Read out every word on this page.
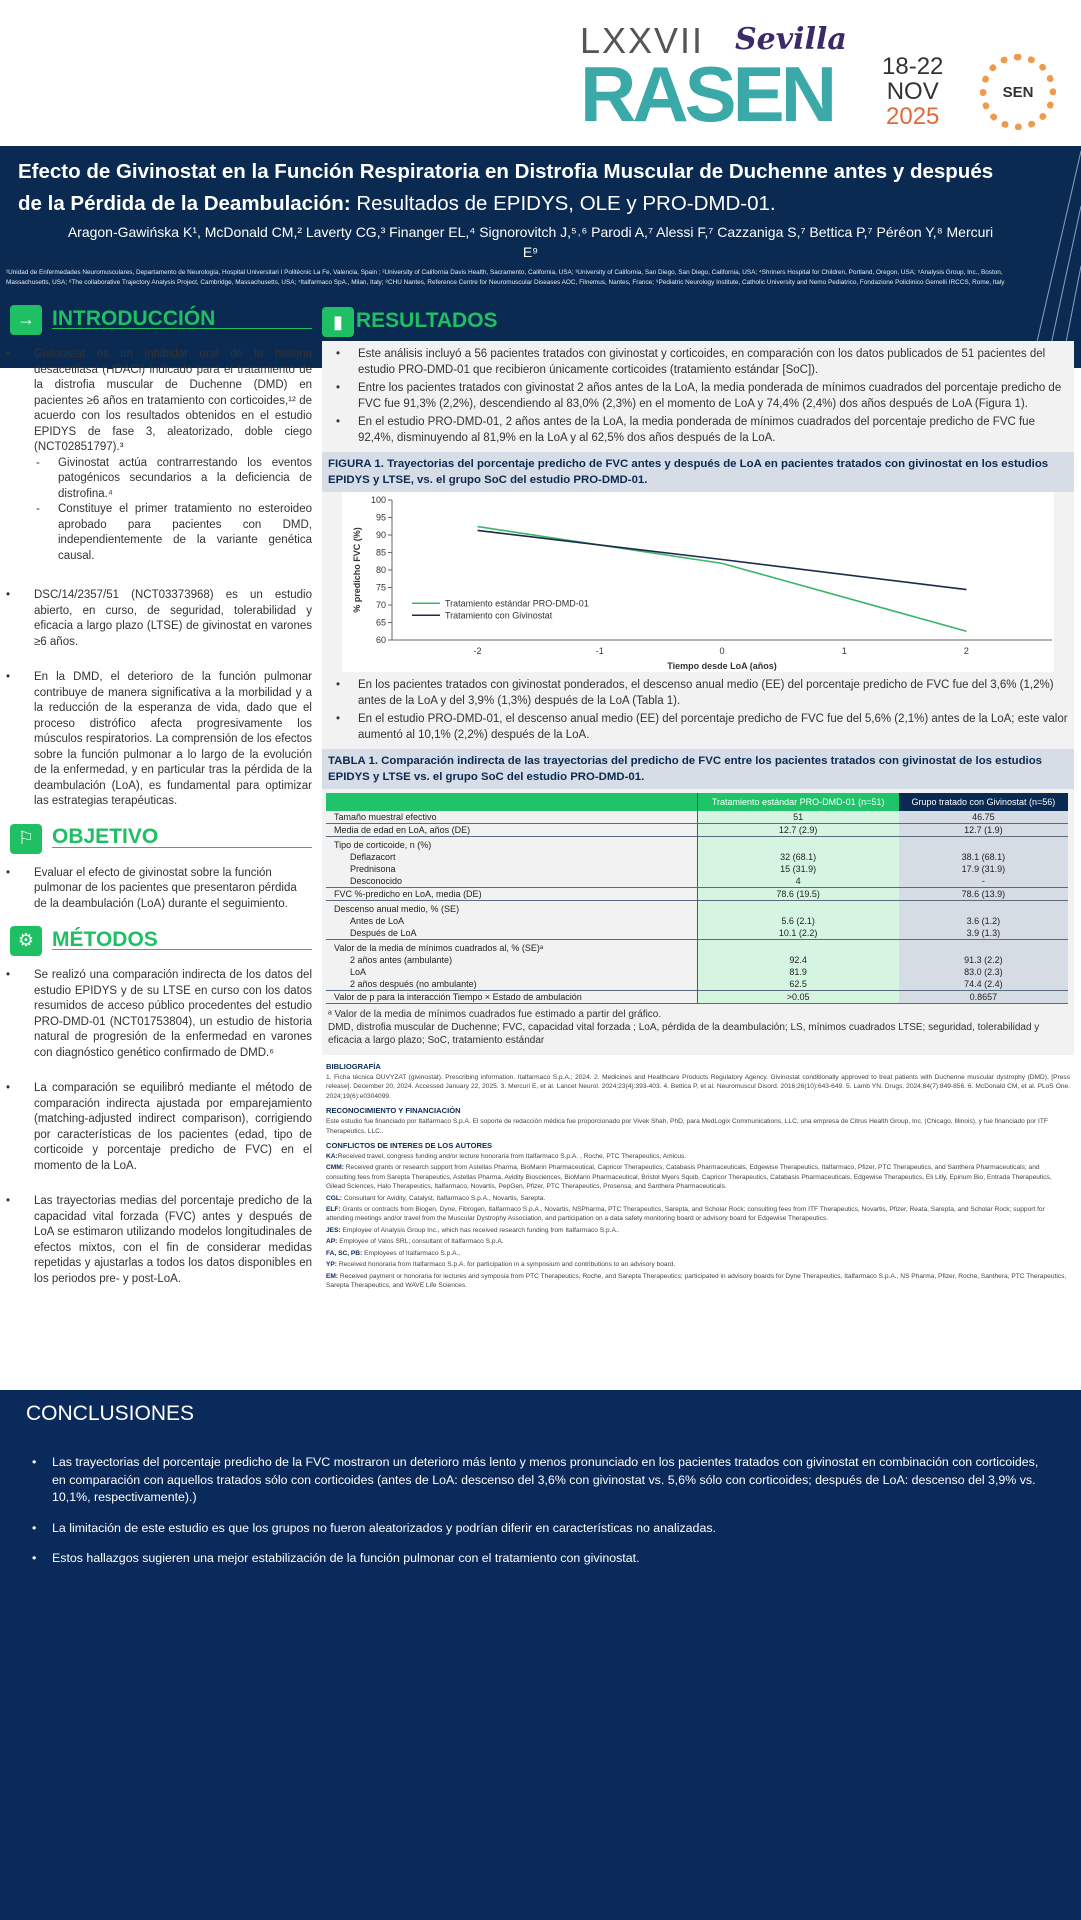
LXXVII Sevilla
RASEN 18-22
NOV
2025
SEN
Efecto de Givinostat en la Función Respiratoria en Distrofia Muscular de Duchenne antes y después de la Pérdida de la Deambulación: Resultados de EPIDYS, OLE y PRO-DMD-01.
Aragon-Gawińska K¹, McDonald CM,² Laverty CG,³ Finanger EL,⁴ Signorovitch J,⁵˒⁶ Parodi A,⁷ Alessi F,⁷ Cazzaniga S,⁷ Bettica P,⁷ Péréon Y,⁸ Mercuri E⁹
¹Unidad de Enfermedades Neuromusculares, Departamento de Neurología, Hospital Universitari I Politècnic La Fe, Valencia, Spain ; ²University of California Davis Health, Sacramento, California, USA; ³University of California, San Diego, San Diego, California, USA; ⁴Shriners Hospital for Children, Portland, Oregon, USA; ⁵Analysis Group, Inc., Boston, Massachusetts, USA; ⁶The collaborative Trajectory Analysis Project, Cambridge, Massachusetts, USA; ⁷Italfarmaco SpA., Milan, Italy; ⁸CHU Nantes, Reference Centre for Neuromuscular Diseases AOC, Filnemus, Nantes, France; ⁹Pediatric Neurology Institute, Catholic University and Nemo Pediatrico, Fondazione Policlinico Gemelli IRCCS, Rome, Italy
→ INTRODUCCIÓN
• Givinostat es un inhibidor oral de la histona desacetilasa (HDACi) indicado para el tratamiento de la distrofia muscular de Duchenne (DMD) en pacientes ≥6 años en tratamiento con corticoides,¹² de acuerdo con los resultados obtenidos en el estudio EPIDYS de fase 3, aleatorizado, doble ciego (NCT02851797).³
- Givinostat actúa contrarrestando los eventos patogénicos secundarios a la deficiencia de distrofina.⁴
- Constituye el primer tratamiento no esteroideo aprobado para pacientes con DMD, independientemente de la variante genética causal.
• DSC/14/2357/51 (NCT03373968) es un estudio abierto, en curso, de seguridad, tolerabilidad y eficacia a largo plazo (LTSE) de givinostat en varones ≥6 años.
• En la DMD, el deterioro de la función pulmonar contribuye de manera significativa a la morbilidad y a la reducción de la esperanza de vida, dado que el proceso distrófico afecta progresivamente los músculos respiratorios. La comprensión de los efectos sobre la función pulmonar a lo largo de la evolución de la enfermedad, y en particular tras la pérdida de la deambulación (LoA), es fundamental para optimizar las estrategias terapéuticas.
⚐ OBJETIVO
• Evaluar el efecto de givinostat sobre la función pulmonar de los pacientes que presentaron pérdida de la deambulación (LoA) durante el seguimiento.
⚙ MÉTODOS
• Se realizó una comparación indirecta de los datos del estudio EPIDYS y de su LTSE en curso con los datos resumidos de acceso público procedentes del estudio PRO-DMD-01 (NCT01753804), un estudio de historia natural de progresión de la enfermedad en varones con diagnóstico genético confirmado de DMD.⁶
• La comparación se equilibró mediante el método de comparación indirecta ajustada por emparejamiento (matching-adjusted indirect comparison), corrigiendo por características de los pacientes (edad, tipo de corticoide y porcentaje predicho de FVC) en el momento de la LoA.
• Las trayectorias medias del porcentaje predicho de la capacidad vital forzada (FVC) antes y después de LoA se estimaron utilizando modelos longitudinales de efectos mixtos, con el fin de considerar medidas repetidas y ajustarlas a todos los datos disponibles en los periodos pre- y post-LoA.
▮ RESULTADOS
• Este análisis incluyó a 56 pacientes tratados con givinostat y corticoides, en comparación con los datos publicados de 51 pacientes del estudio PRO-DMD-01 que recibieron únicamente corticoides (tratamiento estándar [SoC]).
• Entre los pacientes tratados con givinostat 2 años antes de la LoA, la media ponderada de mínimos cuadrados del porcentaje predicho de FVC fue 91,3% (2,2%), descendiendo al 83,0% (2,3%) en el momento de LoA y 74,4% (2,4%) dos años después de LoA (Figura 1).
• En el estudio PRO-DMD-01, 2 años antes de la LoA, la media ponderada de mínimos cuadrados del porcentaje predicho de FVC fue 92,4%, disminuyendo al 81,9% en la LoA y al 62,5% dos años después de la LoA.
FIGURA 1. Trayectorias del porcentaje predicho de FVC antes y después de LoA en pacientes tratados con givinostat en los estudios EPIDYS y LTSE, vs. el grupo SoC del estudio PRO-DMD-01.
60
65
70
75
80
85
90
95
100
-2	-1	0	1	2
Tiempo desde LoA (años)
% predicho FVC (%)	Tratamiento estándar PRO-DMD-01
Tratamiento con Givinostat
• En los pacientes tratados con givinostat ponderados, el descenso anual medio (EE) del porcentaje predicho de FVC fue del 3,6% (1,2%) antes de la LoA y del 3,9% (1,3%) después de la LoA (Tabla 1).
• En el estudio PRO-DMD-01, el descenso anual medio (EE) del porcentaje predicho de FVC fue del 5,6% (2,1%) antes de la LoA; este valor aumentó al 10,1% (2,2%) después de la LoA.
TABLA 1. Comparación indirecta de las trayectorias del predicho de FVC entre los pacientes tratados con givinostat de los estudios EPIDYS y LTSE vs. el grupo SoC del estudio PRO-DMD-01.
	Tratamiento estándar PRO-DMD-01 (n=51)	Grupo tratado con Givinostat (n=56)
Tamaño muestral efectivo	51	46.75
Media de edad en LoA, años (DE)	12.7 (2.9)	12.7 (1.9)
Tipo de corticoide, n (%)		
Deflazacort	32 (68.1)	38.1 (68.1)
Prednisona	15 (31.9)	17.9 (31.9)
Desconocido	4	-
FVC %-predicho en LoA, media (DE)	78.6 (19.5)	78.6 (13.9)
Descenso anual medio, % (SE)		
Antes de LoA	5.6 (2.1)	3.6 (1.2)
Después de LoA	10.1 (2.2)	3.9 (1.3)
Valor de la media de mínimos cuadrados al, % (SE)ᵃ		
2 años antes (ambulante)	92.4	91.3 (2.2)
LoA	81.9	83.0 (2.3)
2 años después (no ambulante)	62.5	74.4 (2.4)
Valor de p para la interacción Tiempo × Estado de ambulación	>0.05	0.8657
ᵃ Valor de la media de mínimos cuadrados fue estimado a partir del gráfico.
DMD, distrofia muscular de Duchenne; FVC, capacidad vital forzada ; LoA, pérdida de la deambulación; LS, mínimos cuadrados LTSE; seguridad, tolerabilidad y eficacia a largo plazo; SoC, tratamiento estándar
BIBLIOGRAFÍA
1. Ficha técnica DUVYZAT (givinostat). Prescribing information. Italfarmaco S.p.A.; 2024. 2. Medicines and Healthcare Products Regulatory Agency. Givinostat conditionally approved to treat patients with Duchenne muscular dystrophy (DMD). [Press release]. December 20, 2024. Accessed January 22, 2025. 3. Mercuri E, et al. Lancet Neurol. 2024;23(4):393-403. 4. Bettica P, et al. Neuromuscul Disord. 2016;26(10):643-649. 5. Lamb YN. Drugs. 2024;84(7):849-856. 6. McDonald CM, et al. PLoS One. 2024;19(6):e0304099.
RECONOCIMIENTO Y FINANCIACIÓN
Este estudio fue financiado por Italfarmaco S.p.A. El soporte de redacción médica fue proporcionado por Vivek Shah, PhD, para MedLogix Communications, LLC, una empresa de Citrus Health Group, Inc. (Chicago, Illinois), y fue financiado por ITF Therapeutics, LLC..
CONFLICTOS DE INTERES DE LOS AUTORES
KA:Received travel, congress funding and/or lecture honoraria from Italfarmaco S.p.A. , Roche, PTC Therapeutics, Amicus.
CMM: Received grants or research support from Astellas Pharma, BioMarin Pharmaceutical, Capricor Therapeutics, Catabasis Pharmaceuticals, Edgewise Therapeutics, Italfarmaco, Pfizer, PTC Therapeutics, and Santhera Pharmaceuticals; and consulting fees from Sarepta Therapeutics, Astellas Pharma, Avidity Biosciences, BioMarin Pharmaceutical, Bristol Myers Squib, Capricor Therapeutics, Catabasis Pharmaceuticals, Edgewise Therapeutics, Eli Lilly, Epirium Bio, Entrada Therapeutics, Gilead Sciences, Halo Therapeutics, Italfarmaco, Novartis, PepGen, Pfizer, PTC Therapeutics, Prosensa, and Santhera Pharmaceuticals.
CGL: Consultant for Avidity, Catalyst, Italfarmaco S.p.A., Novartis, Sarepta.
ELF: Grants or contracts from Biogen, Dyne, Fibrogen, Italfarmaco S.p.A., Novartis, NSPharma, PTC Therapeutics, Sarepta, and Scholar Rock; consulting fees from ITF Therapeutics, Novartis, Pfizer, Reata, Sarepta, and Scholar Rock; support for attending meetings and/or travel from the Muscular Dystrophy Association, and participation on a data safety monitoring board or advisory board for Edgewise Therapeutics.
JES: Employee of Analysis Group Inc., which has received research funding from Italfarmaco S.p.A..
AP: Employee of Valos SRL; consultant of Italfarmaco S.p.A.
FA, SC, PB: Employees of Italfarmaco S.p.A.,
YP: Received honoraria from Italfarmaco S.p.A. for participation in a symposium and contributions to an advisory board.
EM: Received payment or honoraria for lectures and symposia from PTC Therapeutics, Roche, and Sarepta Therapeutics; participated in advisory boards for Dyne Therapeutics, Italfarmaco S.p.A., NS Pharma, Pfizer, Roche, Santhera, PTC Therapeutics, Sarepta Therapeutics, and WAVE Life Sciences.
CONCLUSIONES
• Las trayectorias del porcentaje predicho de la FVC mostraron un deterioro más lento y menos pronunciado en los pacientes tratados con givinostat en combinación con corticoides, en comparación con aquellos tratados sólo con corticoides (antes de LoA: descenso del 3,6% con givinostat vs. 5,6% sólo con corticoides; después de LoA: descenso del 3,9% vs. 10,1%, respectivamente).)
• La limitación de este estudio es que los grupos no fueron aleatorizados y podrían diferir en características no analizadas.
• Estos hallazgos sugieren una mejor estabilización de la función pulmonar con el tratamiento con givinostat.
